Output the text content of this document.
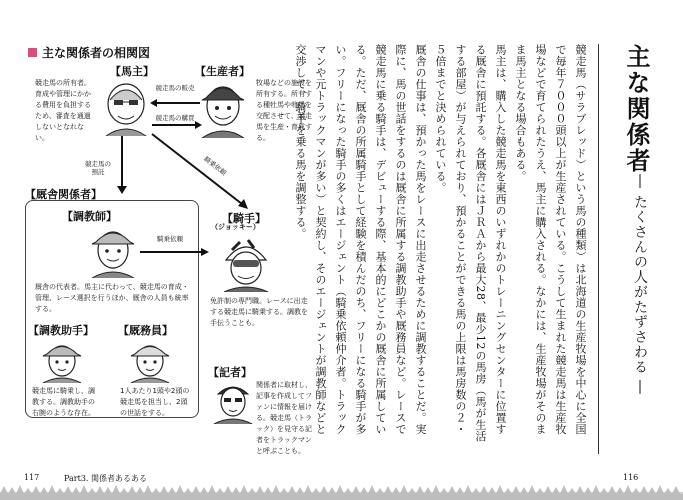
主な関係者の相関図
【 馬主 】
競走馬の所有者。育成や管理にかかる費用を負担するため、審査を通過しないとなれない。
【 生産者 】
牧場などの施設を所有する。所有する種牡馬や牝馬を交配させて、競走馬を生産・育成する。
競走馬の販売
競走馬の購買
競走馬の預託	騎乗依頼
【 厩舎関係者 】
【 調教師 】
厩舎の代表者。馬主に代わって、競走馬の育成・管理、レース選択を行うほか、厩舎の人員も統率する。
騎乗依頼
【 騎手 】
（ジョッキー）
免許制の専門職。レースに出走する競走馬に騎乗する。調教を手伝うことも。
【 調教助手 】
競走馬に騎乗し、調教する。調教助手の右腕のような存在。
【 厩務員 】
1人あたり1頭や2頭の競走馬を担当し、2頭の世話をする。
【 記者 】
関係者に取材し、記事を作成してファンに情報を届ける。競走馬（トラック）を見守る記者をトラックマンと呼ぶことも。
117	Part3. 関係者あるある
主な関係者
― たくさんの人がたずさわる ―

競走馬（サラブレッド）という馬の種類）は北海道の生産牧場を中心に全国で毎年７０００頭以上が生産されている。こうして生まれた競走馬は生産牧場などで育てられたうえ、馬主に購入される。なかには、生産牧場がそのまま馬主となる場合もある。

馬主は、購入した競走馬を東西のいずれかのトレーニングセンターに位置する厩舎に預託する。各厩舎にはＪＲＡから最大28、最少12の馬房（馬が生活する部屋）が与えられており、預かることができる馬の上限は馬房数の２・５倍までと決められている。

厩舎の仕事は、預かった馬をレースに出走させるために調教することだ。実際に、馬の世話をするのは厩舎に所属する調教助手や厩務員など。レースで競走馬に乗る騎手は、デビューする際、基本的にどこかの厩舎に所属している。ただ、厩舎の所属騎手として経験を積んだのち、フリーになる騎手が多い。フリーになった騎手の多くはエージェント（騎乗依頼仲介者。トラックマンや元トラックマンが多い）と契約し、そのエージェントが調教師などと交渉して、騎手を乗る馬を調整する。

116
